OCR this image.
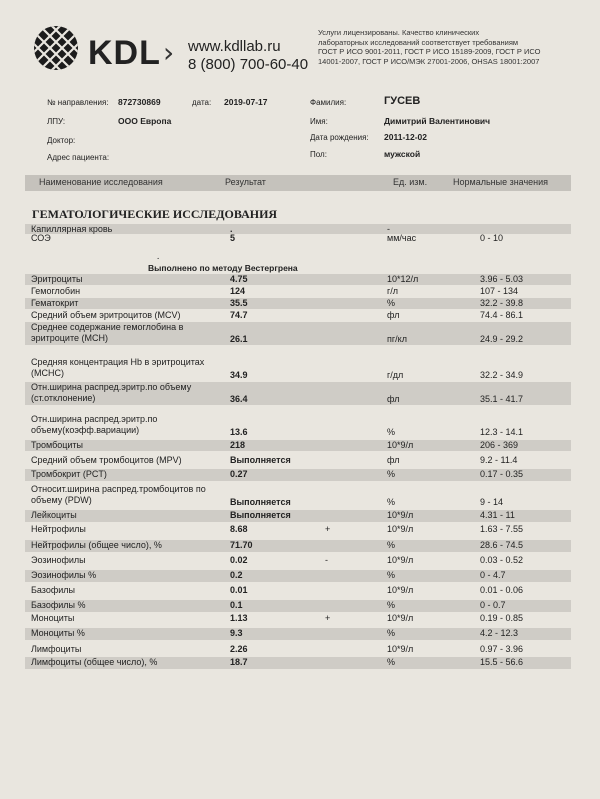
KDL › www.kdllab.ru
8 (800) 700-60-40
Услуги лицензированы. Качество клинических
лабораторных исследований соответствует требованиям
ГОСТ Р ИСО 9001-2011, ГОСТ Р ИСО 15189-2009, ГОСТ Р ИСО
14001-2007, ГОСТ Р ИСО/МЭК 27001-2006, OHSAS 18001:2007
№ направления: 872730869	дата: 2019-07-17
ЛПУ:	ООО Европа
Доктор:
Адрес пациента:
Фамилия:	ГУСЕВ
Имя:	Димитрий Валентинович
Дата рождения: 2011-12-02
Пол:	мужской
Наименование исследования	Результат	Ед. изм.	Нормальные значения
ГЕМАТОЛОГИЧЕСКИЕ ИССЛЕДОВАНИЯ
.
Выполнено по методу Вестергрена
Капиллярная кровь	.	-
СОЭ	5	мм/час	0 - 10
Эритроциты	4.75	10*12/л	3.96 - 5.03
Гемоглобин	124	г/л	107 - 134
Гематокрит	35.5	%	32.2 - 39.8
Средний объем эритроцитов (MCV)	74.7	фл	74.4 - 86.1
Среднее содержание гемоглобина в эритроците (MCH)	26.1	пг/кл	24.9 - 29.2
Средняя концентрация Hb в эритроцитах (MCHC)	34.9	г/дл	32.2 - 34.9
Отн.ширина распред.эритр.по объему (ст.отклонение)	36.4	фл	35.1 - 41.7
Отн.ширина распред.эритр.по объему(коэфф.вариации)	13.6	%	12.3 - 14.1
Тромбоциты	218	10*9/л	206 - 369
Средний объем тромбоцитов (MPV)	Выполняется	фл	9.2 - 11.4
Тромбокрит (PCT)	0.27	%	0.17 - 0.35
Относит.ширина распред.тромбоцитов по объему (PDW)	Выполняется	%	9 - 14
Лейкоциты	Выполняется	10*9/л	4.31 - 11
Нейтрофилы	8.68	+	10*9/л	1.63 - 7.55
Нейтрофилы (общее число), %	71.70	%	28.6 - 74.5
Эозинофилы	0.02	-	10*9/л	0.03 - 0.52
Эозинофилы %	0.2	%	0 - 4.7
Базофилы	0.01	10*9/л	0.01 - 0.06
Базофилы %	0.1	%	0 - 0.7
Моноциты	1.13	+	10*9/л	0.19 - 0.85
Моноциты %	9.3	%	4.2 - 12.3
Лимфоциты	2.26	10*9/л	0.97 - 3.96
Лимфоциты (общее число), %	18.7	%	15.5 - 56.6
